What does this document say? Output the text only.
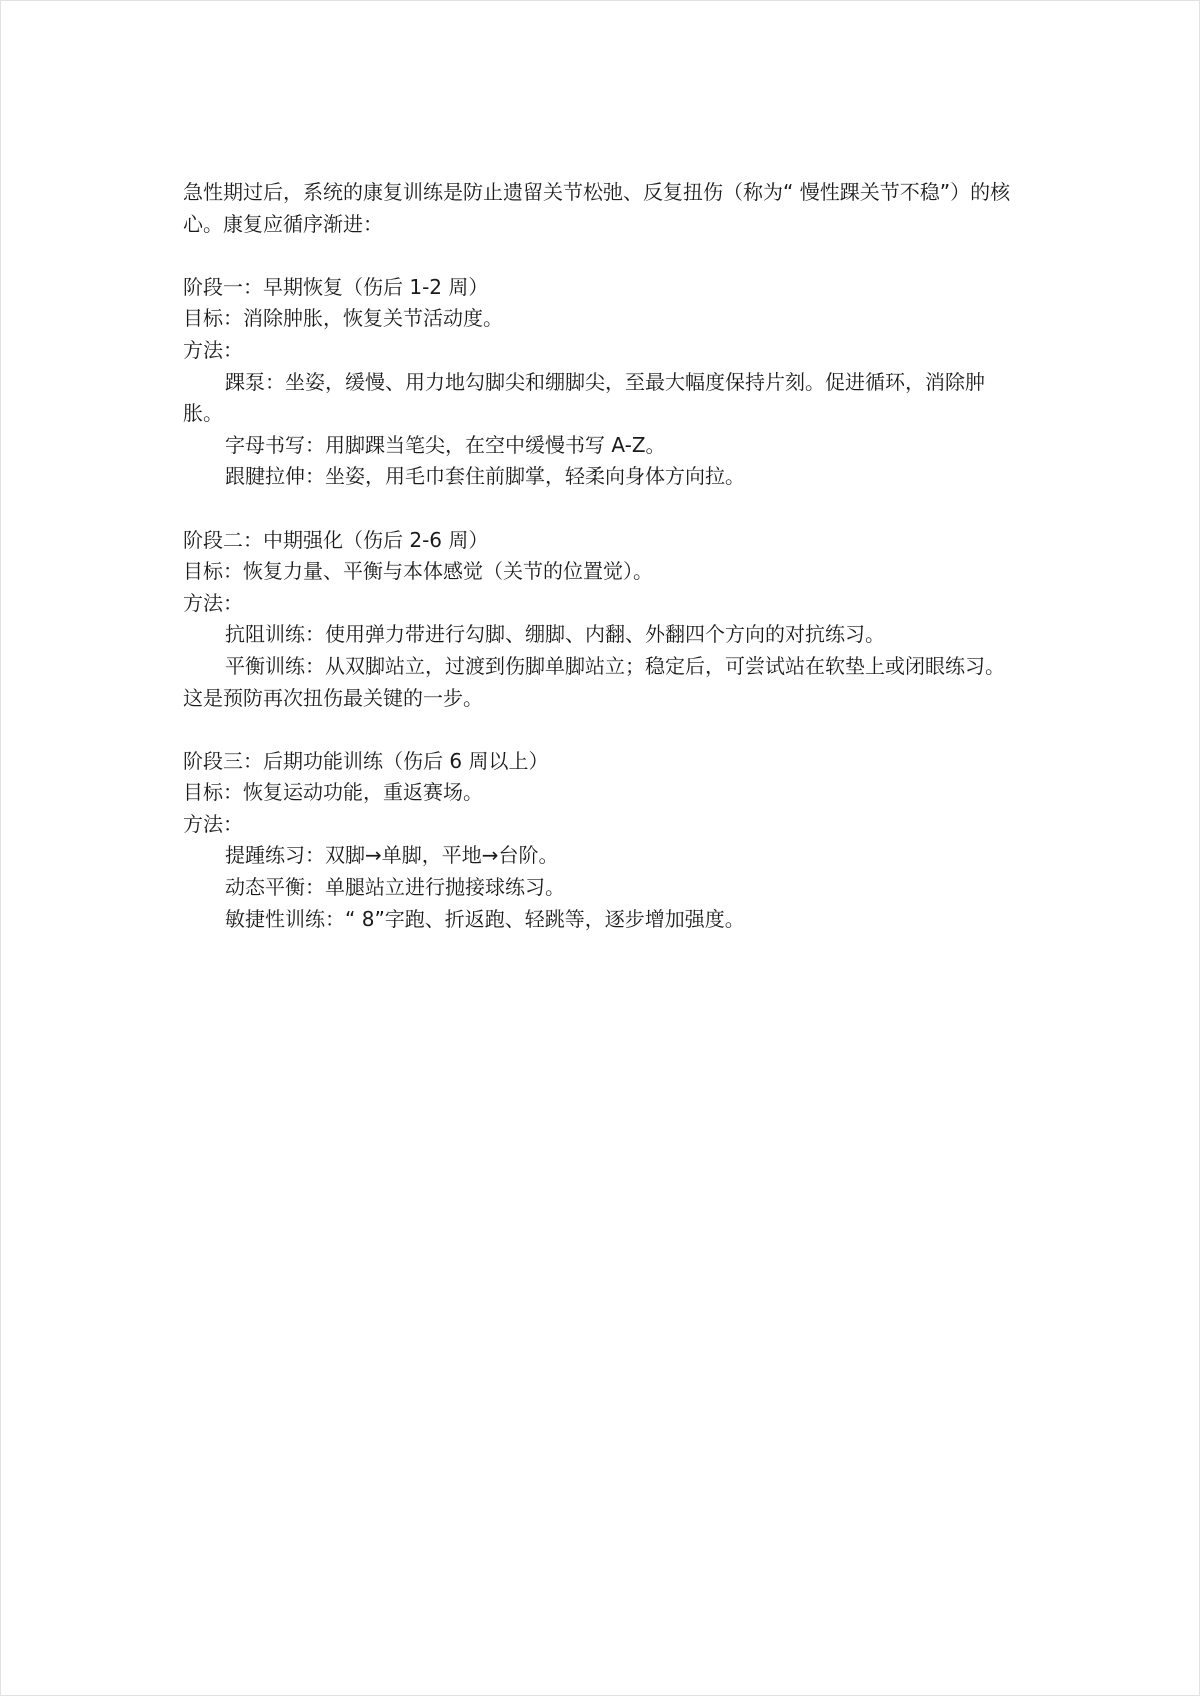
急性期过后，系统的康复训练是防止遗留关节松弛、反复扭伤（称为“ 慢性踝关节不稳”）的核心。康复应循序渐进：

阶段一：早期恢复（伤后 1-2 周）

目标：消除肿胀，恢复关节活动度。

方法：

踝泵：坐姿，缓慢、用力地勾脚尖和绷脚尖，至最大幅度保持片刻。促进循环，消除肿胀。

字母书写：用脚踝当笔尖，在空中缓慢书写 A-Z。

跟腱拉伸：坐姿，用毛巾套住前脚掌，轻柔向身体方向拉。

阶段二：中期强化（伤后 2-6 周）

目标：恢复力量、平衡与本体感觉（关节的位置觉）。

方法：

抗阻训练：使用弹力带进行勾脚、绷脚、内翻、外翻四个方向的对抗练习。

平衡训练：从双脚站立，过渡到伤脚单脚站立；稳定后，可尝试站在软垫上或闭眼练习。这是预防再次扭伤最关键的一步。

阶段三：后期功能训练（伤后 6 周以上）

目标：恢复运动功能，重返赛场。

方法：

提踵练习：双脚→单脚，平地→台阶。

动态平衡：单腿站立进行抛接球练习。

敏捷性训练：“ 8”字跑、折返跑、轻跳等，逐步增加强度。
